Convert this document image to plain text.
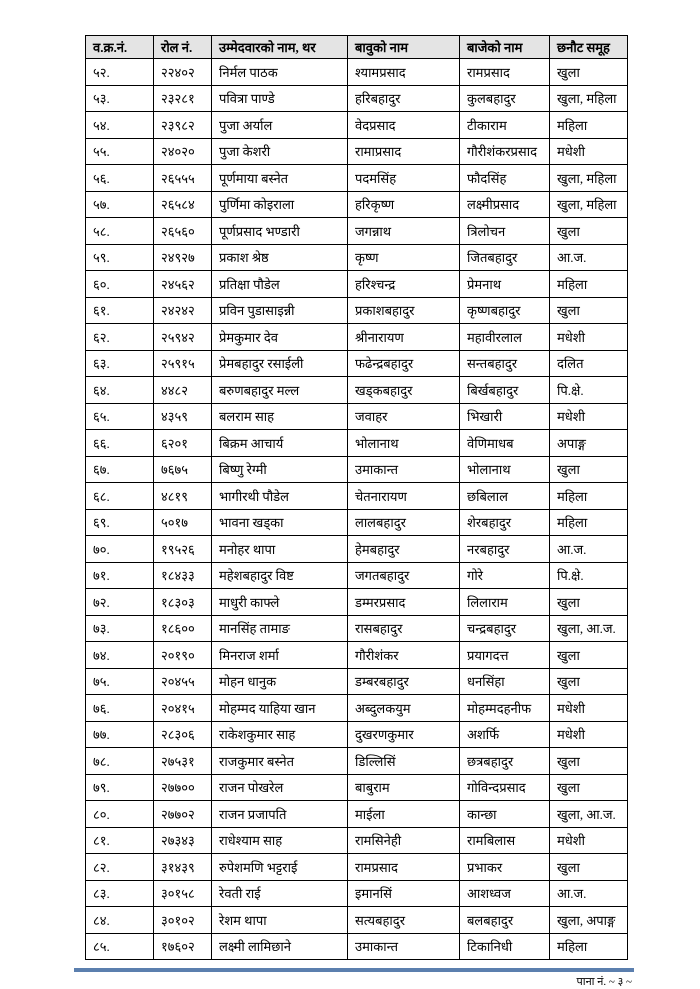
व.क्र.नं.	रोल नं.	उम्मेदवारको नाम, थर	बावुको नाम	बाजेको नाम	छनौट समूह
५२.	२२४०२	निर्मल पाठक	श्यामप्रसाद	रामप्रसाद	खुला
५३.	२३२८१	पवित्रा पाण्डे	हरिबहादुर	कुलबहादुर	खुला, महिला
५४.	२३९८२	पुजा अर्याल	वेदप्रसाद	टीकाराम	महिला
५५.	२४०२०	पुजा केशरी	रामाप्रसाद	गौरीशंकरप्रसाद	मधेशी
५६.	२६५५५	पूर्णमाया बस्नेत	पदमसिंह	फौदसिंह	खुला, महिला
५७.	२६५८४	पुर्णिमा कोइराला	हरिकृष्ण	लक्ष्मीप्रसाद	खुला, महिला
५८.	२६५६०	पूर्णप्रसाद भण्डारी	जगन्नाथ	त्रिलोचन	खुला
५९.	२४९२७	प्रकाश श्रेष्ठ	कृष्ण	जितबहादुर	आ.ज.
६०.	२४५६२	प्रतिक्षा पौडेल	हरिश्चन्द्र	प्रेमनाथ	महिला
६१.	२४२४२	प्रविन पुडासाइन्नी	प्रकाशबहादुर	कृष्णबहादुर	खुला
६२.	२५९४२	प्रेमकुमार देव	श्रीनारायण	महावीरलाल	मधेशी
६३.	२५९१५	प्रेमबहादुर रसाईली	फढेन्द्रबहादुर	सन्तबहादुर	दलित
६४.	४४८२	बरुणबहादुर मल्ल	खड्कबहादुर	बिर्खबहादुर	पि.क्षे.
६५.	४३५९	बलराम साह	जवाहर	भिखारी	मधेशी
६६.	६२०१	बिक्रम आचार्य	भोलानाथ	वेणिमाधब	अपाङ्ग
६७.	७६७५	बिष्णु रेग्मी	उमाकान्त	भोलानाथ	खुला
६८.	४८१९	भागीरथी पौडेल	चेतनारायण	छबिलाल	महिला
६९.	५०१७	भावना खड्का	लालबहादुर	शेरबहादुर	महिला
७०.	१९५२६	मनोहर थापा	हेमबहादुर	नरबहादुर	आ.ज.
७१.	१८४३३	महेशबहादुर विष्ट	जगतबहादुर	गोरे	पि.क्षे.
७२.	१८३०३	माधुरी काफ्ले	डम्मरप्रसाद	लिलाराम	खुला
७३.	१८६००	मानसिंह तामाङ	रासबहादुर	चन्द्रबहादुर	खुला, आ.ज.
७४.	२०१९०	मिनराज शर्मा	गौरीशंकर	प्रयागदत्त	खुला
७५.	२०४५५	मोहन धानुक	डम्बरबहादुर	धनसिंहा	खुला
७६.	२०४१५	मोहम्मद याहिया खान	अब्दुलकयुम	मोहम्मदहनीफ	मधेशी
७७.	२८३०६	राकेशकुमार साह	दुखरणकुमार	अशर्फि	मधेशी
७८.	२७५३१	राजकुमार बस्नेत	डिल्लिसिं	छत्रबहादुर	खुला
७९.	२७७००	राजन पोखरेल	बाबुराम	गोविन्दप्रसाद	खुला
८०.	२७७०२	राजन प्रजापति	माईला	कान्छा	खुला, आ.ज.
८१.	२७३४३	राधेश्याम साह	रामसिनेही	रामबिलास	मधेशी
८२.	३१४३९	रुपेशमणि भट्टराई	रामप्रसाद	प्रभाकर	खुला
८३.	३०१५८	रेवती राई	इमानसिं	आशध्वज	आ.ज.
८४.	३०१०२	रेशम थापा	सत्यबहादुर	बलबहादुर	खुला, अपाङ्ग
८५.	१७६०२	लक्ष्मी लामिछाने	उमाकान्त	टिकानिधी	महिला
पाना नं. ~ ३ ~
